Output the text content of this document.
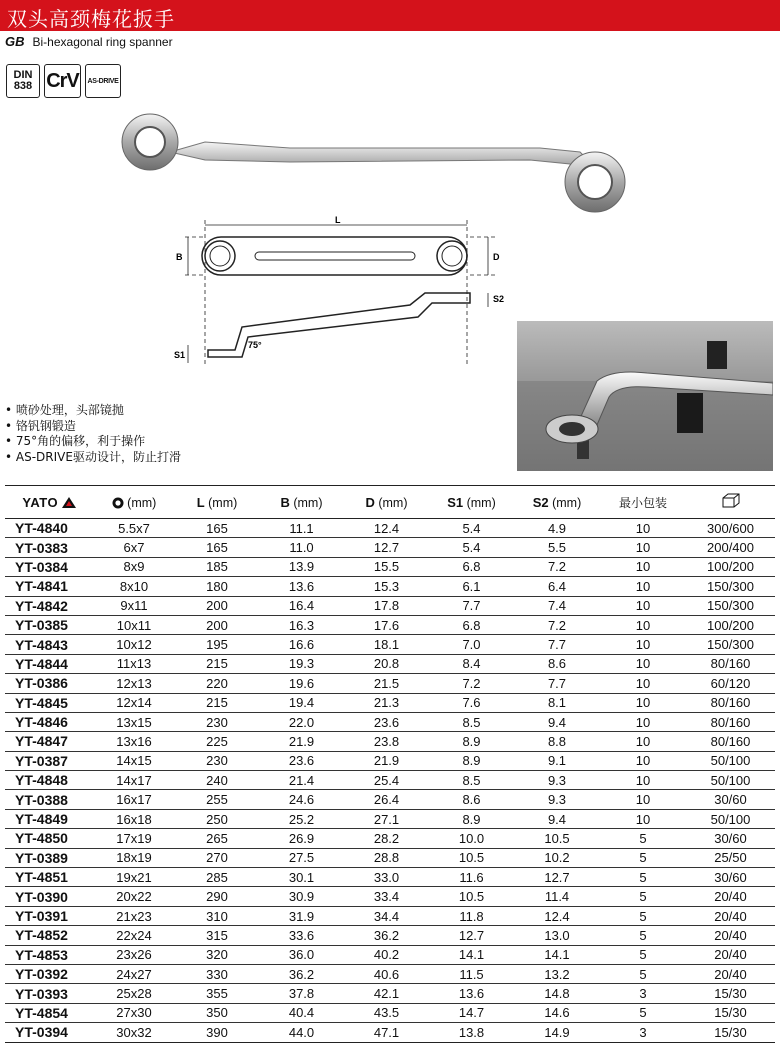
双头高颈梅花扳手
GB Bi-hexagonal ring spanner
DIN
838 CrV AS-DRIVE
L
B	D
S2
S1
75°
• 喷砂处理，头部镜抛
• 铬钒钢锻造
• 75°角的偏移，利于操作
• AS-DRIVE驱动设计，防止打滑
YATO	(mm)	L (mm)	B (mm)	D (mm)	S1 (mm)	S2 (mm)	最小包装	
YT-4840	5.5x7	165	11.1	12.4	5.4	4.9	10	300/600
YT-0383	6x7	165	11.0	12.7	5.4	5.5	10	200/400
YT-0384	8x9	185	13.9	15.5	6.8	7.2	10	100/200
YT-4841	8x10	180	13.6	15.3	6.1	6.4	10	150/300
YT-4842	9x11	200	16.4	17.8	7.7	7.4	10	150/300
YT-0385	10x11	200	16.3	17.6	6.8	7.2	10	100/200
YT-4843	10x12	195	16.6	18.1	7.0	7.7	10	150/300
YT-4844	11x13	215	19.3	20.8	8.4	8.6	10	80/160
YT-0386	12x13	220	19.6	21.5	7.2	7.7	10	60/120
YT-4845	12x14	215	19.4	21.3	7.6	8.1	10	80/160
YT-4846	13x15	230	22.0	23.6	8.5	9.4	10	80/160
YT-4847	13x16	225	21.9	23.8	8.9	8.8	10	80/160
YT-0387	14x15	230	23.6	21.9	8.9	9.1	10	50/100
YT-4848	14x17	240	21.4	25.4	8.5	9.3	10	50/100
YT-0388	16x17	255	24.6	26.4	8.6	9.3	10	30/60
YT-4849	16x18	250	25.2	27.1	8.9	9.4	10	50/100
YT-4850	17x19	265	26.9	28.2	10.0	10.5	5	30/60
YT-0389	18x19	270	27.5	28.8	10.5	10.2	5	25/50
YT-4851	19x21	285	30.1	33.0	11.6	12.7	5	30/60
YT-0390	20x22	290	30.9	33.4	10.5	11.4	5	20/40
YT-0391	21x23	310	31.9	34.4	11.8	12.4	5	20/40
YT-4852	22x24	315	33.6	36.2	12.7	13.0	5	20/40
YT-4853	23x26	320	36.0	40.2	14.1	14.1	5	20/40
YT-0392	24x27	330	36.2	40.6	11.5	13.2	5	20/40
YT-0393	25x28	355	37.8	42.1	13.6	14.8	3	15/30
YT-4854	27x30	350	40.4	43.5	14.7	14.6	5	15/30
YT-0394	30x32	390	44.0	47.1	13.8	14.9	3	15/30
